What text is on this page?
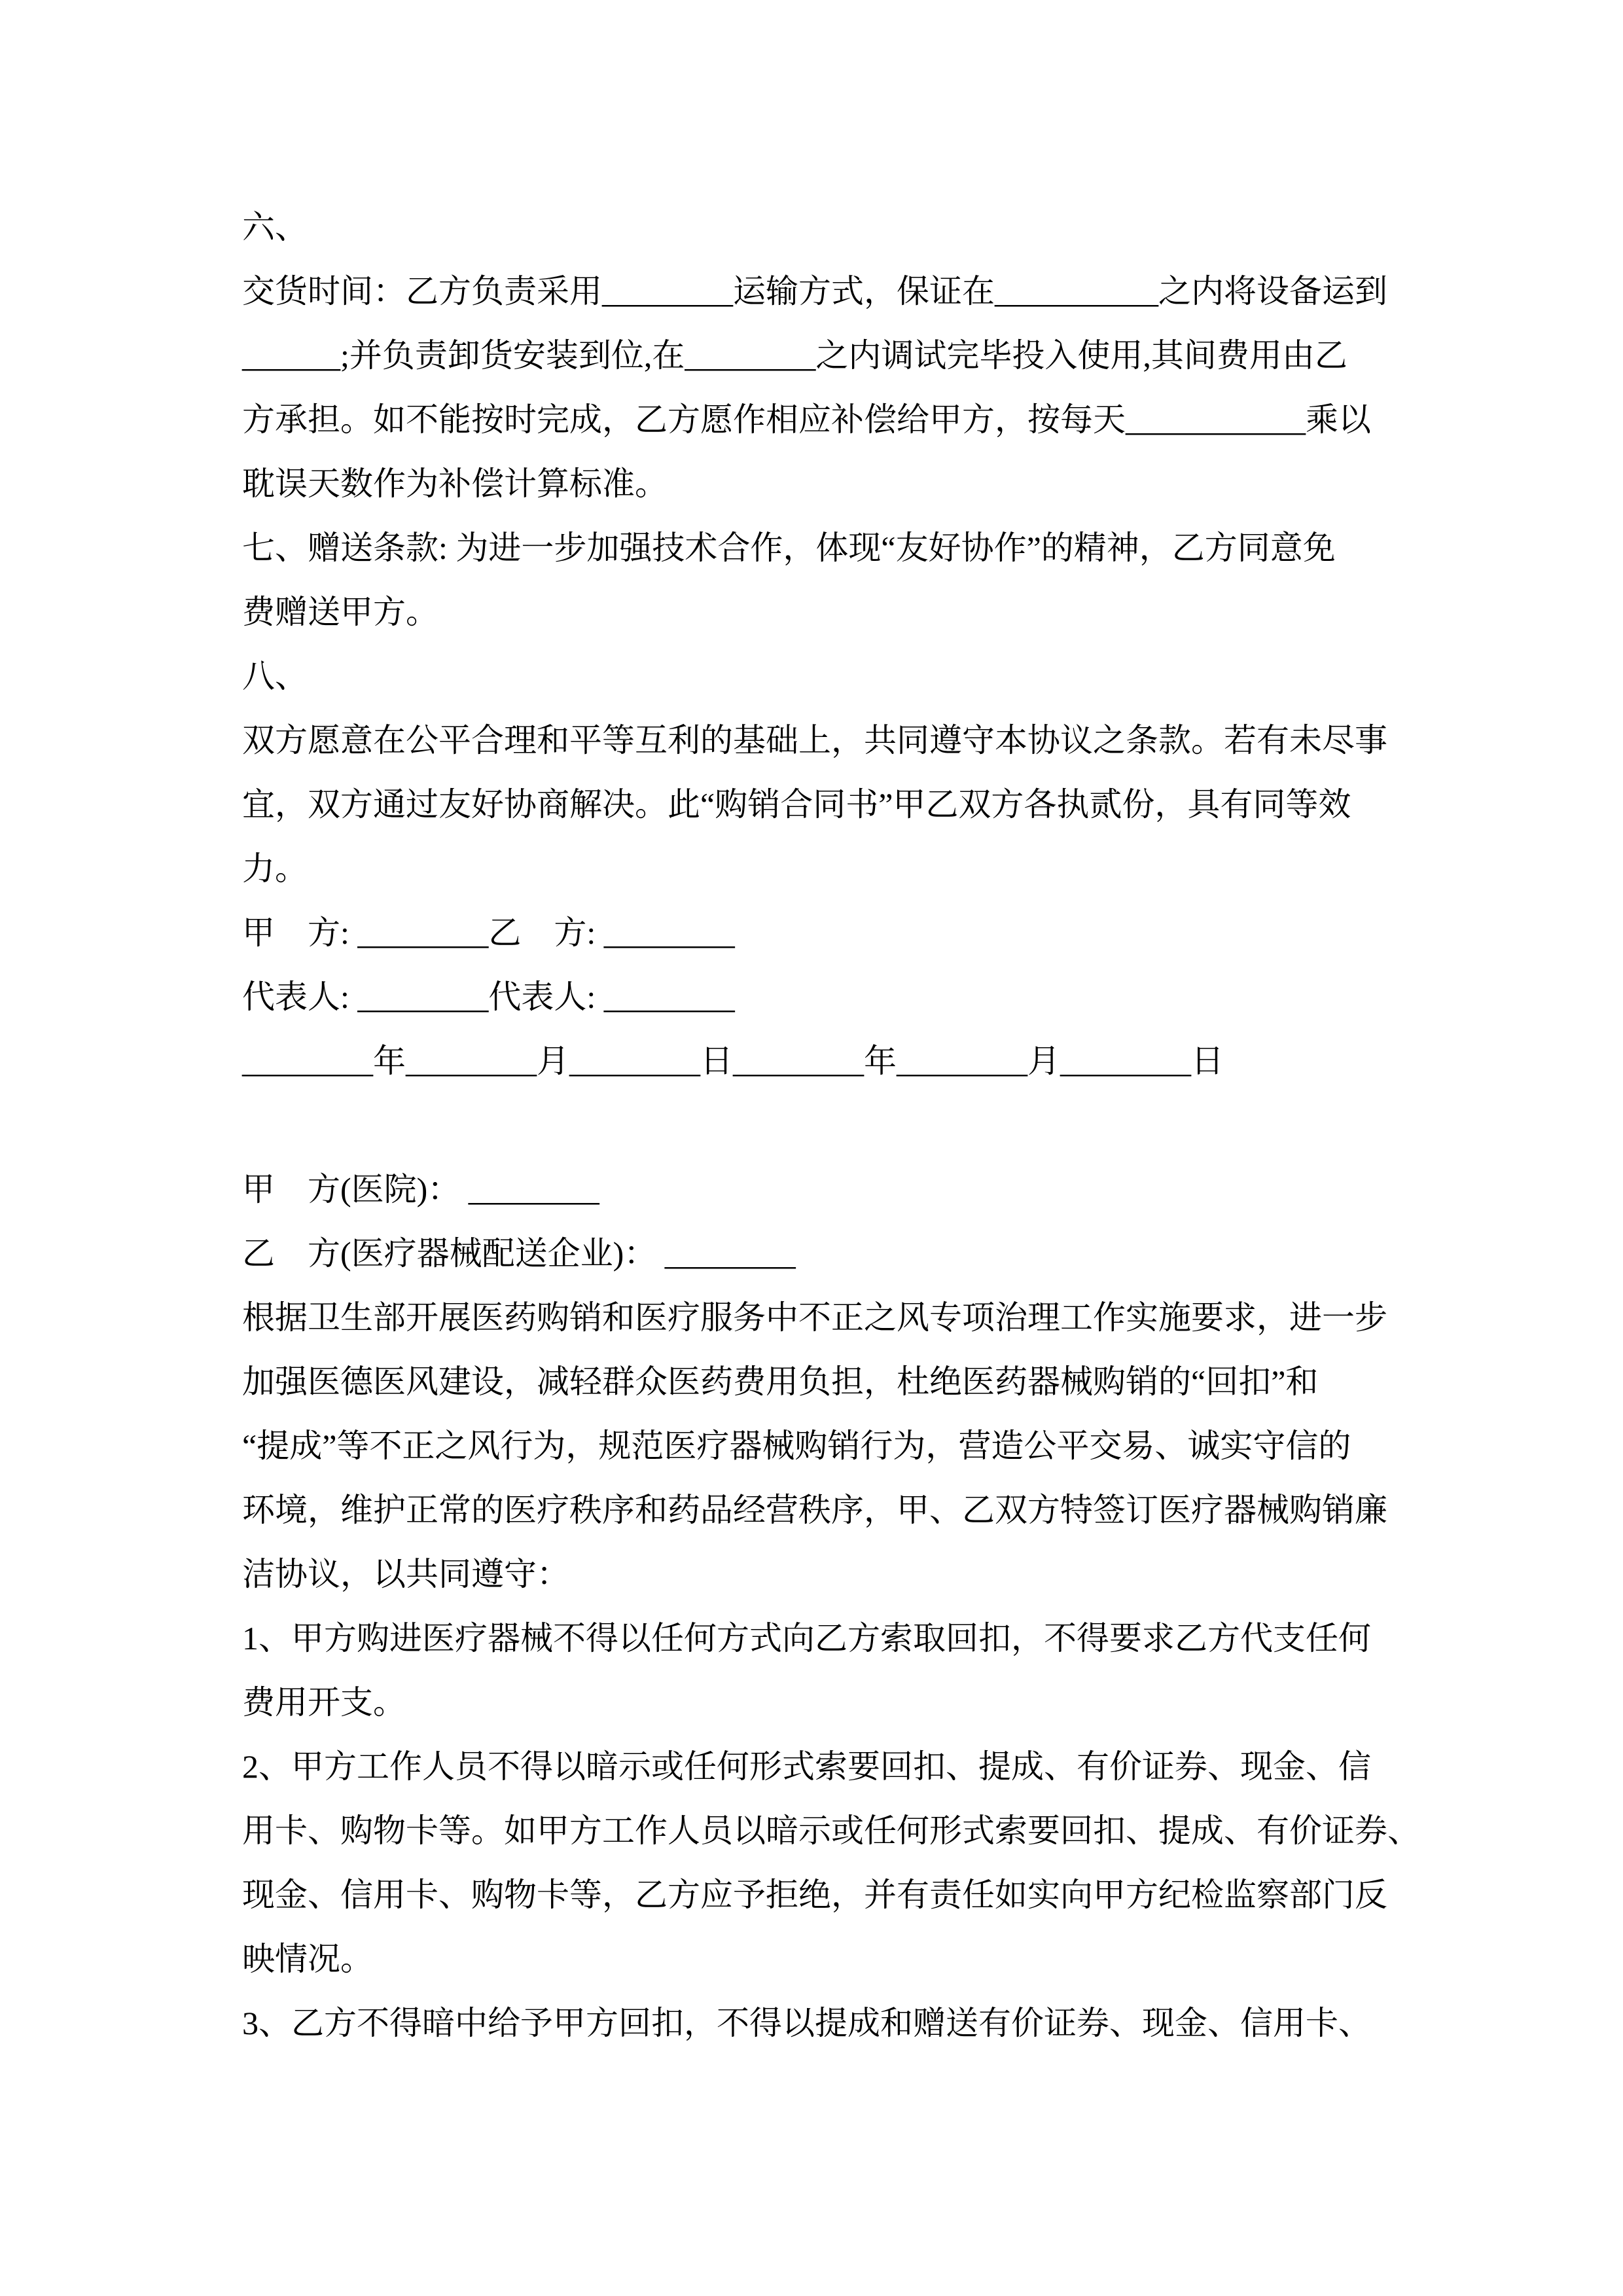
六、
交货时间：乙方负责采用________运输方式，保证在__________之内将设备运到
______;并负责卸货安装到位,在________之内调试完毕投入使用,其间费用由乙
方承担。如不能按时完成，乙方愿作相应补偿给甲方，按每天___________乘以
耽误天数作为补偿计算标准。
七、赠送条款: 为进一步加强技术合作，体现“友好协作”的精神，乙方同意免
费赠送甲方。
八、
双方愿意在公平合理和平等互利的基础上，共同遵守本协议之条款。若有未尽事
宜，双方通过友好协商解决。此“购销合同书”甲乙双方各执贰份，具有同等效
力。
甲　方: ________乙　方: ________
代表人: ________代表人: ________
________年________月________日________年________月________日
甲　方(医院)： ________
乙　方(医疗器械配送企业)： ________
根据卫生部开展医药购销和医疗服务中不正之风专项治理工作实施要求，进一步
加强医德医风建设，减轻群众医药费用负担，杜绝医药器械购销的“回扣”和
“提成”等不正之风行为，规范医疗器械购销行为，营造公平交易、诚实守信的
环境，维护正常的医疗秩序和药品经营秩序，甲、乙双方特签订医疗器械购销廉
洁协议，以共同遵守：
1、甲方购进医疗器械不得以任何方式向乙方索取回扣，不得要求乙方代支任何
费用开支。
2、甲方工作人员不得以暗示或任何形式索要回扣、提成、有价证券、现金、信
用卡、购物卡等。如甲方工作人员以暗示或任何形式索要回扣、提成、有价证券、
现金、信用卡、购物卡等，乙方应予拒绝，并有责任如实向甲方纪检监察部门反
映情况。
3、乙方不得暗中给予甲方回扣，不得以提成和赠送有价证券、现金、信用卡、
